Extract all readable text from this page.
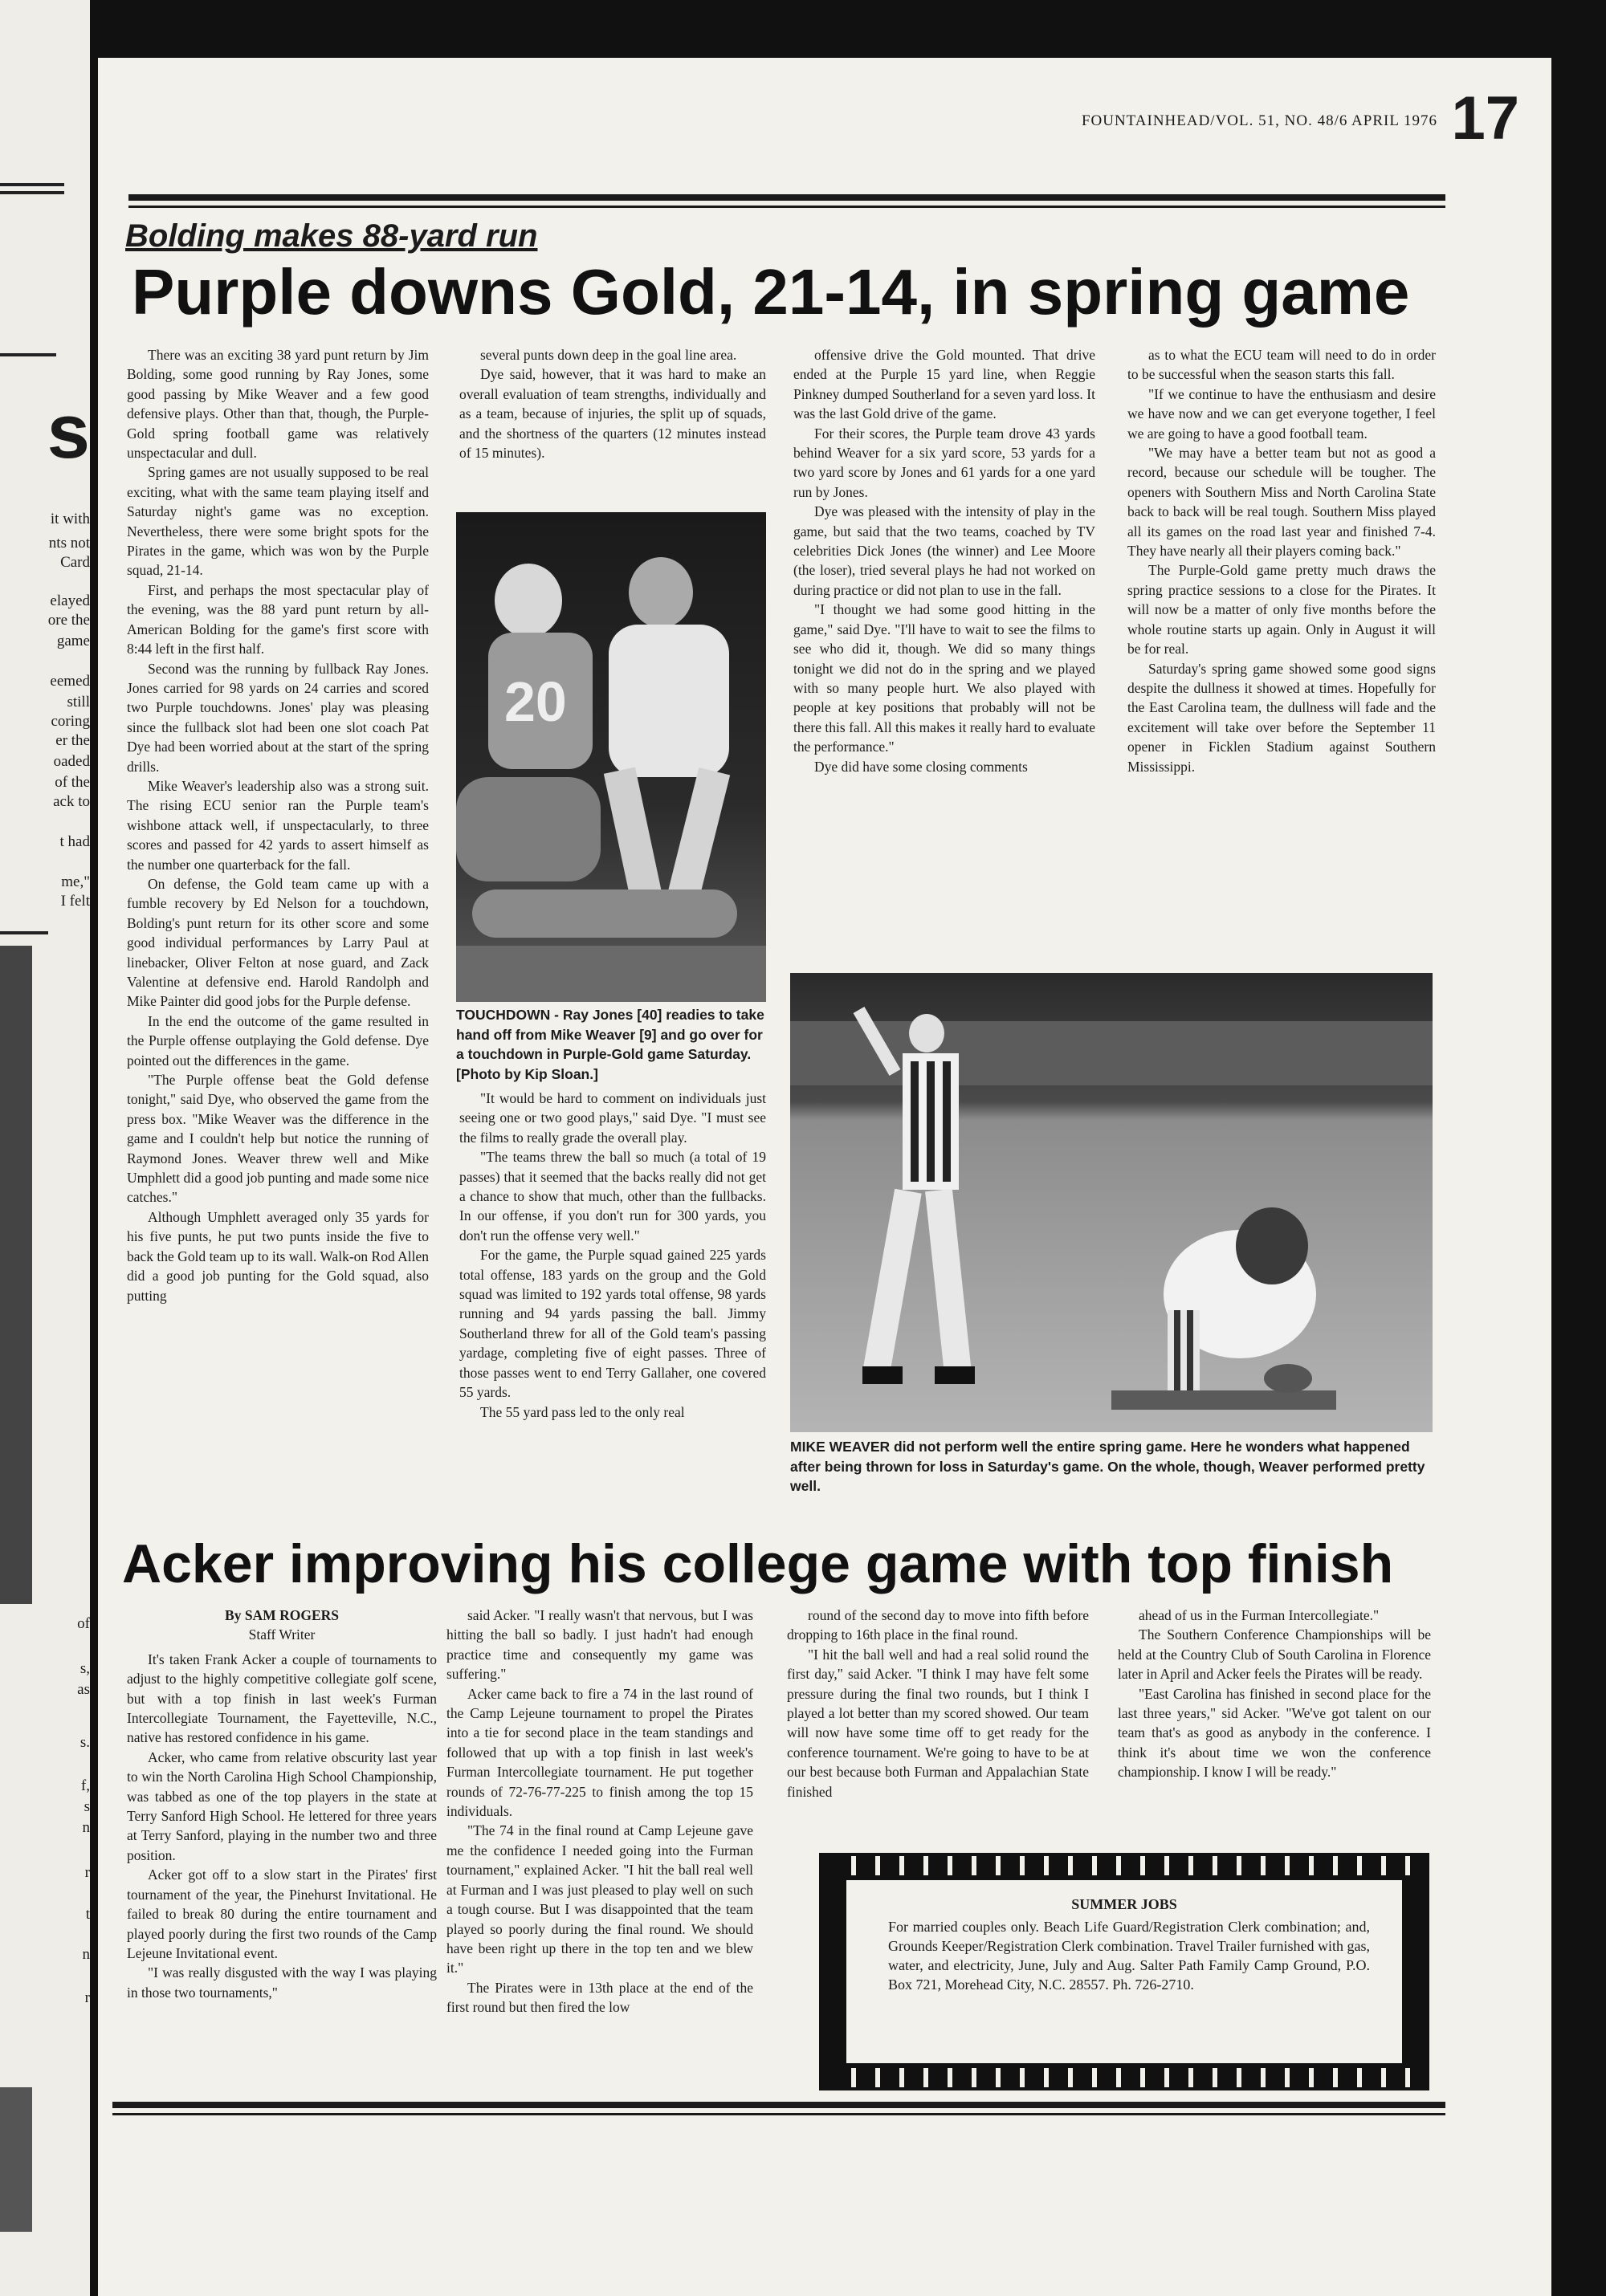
s
it with
nts not
Card
elayed
ore the
game
eemed
still
coring
er the
oaded
of the
ack to
t had
me,"
I felt
of
s,
as
s.
f,
s
n
r
t
n
r
FOUNTAINHEAD/VOL. 51, NO. 48/6 APRIL 1976 17
Bolding makes 88-yard run
Purple downs Gold, 21-14, in spring game

There was an exciting 38 yard punt return by Jim Bolding, some good running by Ray Jones, some good passing by Mike Weaver and a few good defensive plays. Other than that, though, the Purple-Gold spring football game was relatively unspectacular and dull.

Spring games are not usually supposed to be real exciting, what with the same team playing itself and Saturday night's game was no exception. Nevertheless, there were some bright spots for the Pirates in the game, which was won by the Purple squad, 21-14.

First, and perhaps the most spectacular play of the evening, was the 88 yard punt return by all-American Bolding for the game's first score with 8:44 left in the first half.

Second was the running by fullback Ray Jones. Jones carried for 98 yards on 24 carries and scored two Purple touchdowns. Jones' play was pleasing since the fullback slot had been one slot coach Pat Dye had been worried about at the start of the spring drills.

Mike Weaver's leadership also was a strong suit. The rising ECU senior ran the Purple team's wishbone attack well, if unspectacularly, to three scores and passed for 42 yards to assert himself as the number one quarterback for the fall.

On defense, the Gold team came up with a fumble recovery by Ed Nelson for a touchdown, Bolding's punt return for its other score and some good individual performances by Larry Paul at linebacker, Oliver Felton at nose guard, and Zack Valentine at defensive end. Harold Randolph and Mike Painter did good jobs for the Purple defense.

In the end the outcome of the game resulted in the Purple offense outplaying the Gold defense. Dye pointed out the differences in the game.

"The Purple offense beat the Gold defense tonight," said Dye, who observed the game from the press box. "Mike Weaver was the difference in the game and I couldn't help but notice the running of Raymond Jones. Weaver threw well and Mike Umphlett did a good job punting and made some nice catches."

Although Umphlett averaged only 35 yards for his five punts, he put two punts inside the five to back the Gold team up to its wall. Walk-on Rod Allen did a good job punting for the Gold squad, also putting

several punts down deep in the goal line area.

Dye said, however, that it was hard to make an overall evaluation of team strengths, individually and as a team, because of injuries, the split up of squads, and the shortness of the quarters (12 minutes instead of 15 minutes).

20
TOUCHDOWN - Ray Jones [40] readies to take hand off from Mike Weaver [9] and go over for a touchdown in Purple-Gold game Saturday. [Photo by Kip Sloan.]

"It would be hard to comment on individuals just seeing one or two good plays," said Dye. "I must see the films to really grade the overall play.

"The teams threw the ball so much (a total of 19 passes) that it seemed that the backs really did not get a chance to show that much, other than the fullbacks. In our offense, if you don't run for 300 yards, you don't run the offense very well."

For the game, the Purple squad gained 225 yards total offense, 183 yards on the group and the Gold squad was limited to 192 yards total offense, 98 yards running and 94 yards passing the ball. Jimmy Southerland threw for all of the Gold team's passing yardage, completing five of eight passes. Three of those passes went to end Terry Gallaher, one covered 55 yards.

The 55 yard pass led to the only real

offensive drive the Gold mounted. That drive ended at the Purple 15 yard line, when Reggie Pinkney dumped Southerland for a seven yard loss. It was the last Gold drive of the game.

For their scores, the Purple team drove 43 yards behind Weaver for a six yard score, 53 yards for a two yard score by Jones and 61 yards for a one yard run by Jones.

Dye was pleased with the intensity of play in the game, but said that the two teams, coached by TV celebrities Dick Jones (the winner) and Lee Moore (the loser), tried several plays he had not worked on during practice or did not plan to use in the fall.

"I thought we had some good hitting in the game," said Dye. "I'll have to wait to see the films to see who did it, though. We did so many things tonight we did not do in the spring and we played with so many people hurt. We also played with people at key positions that probably will not be there this fall. All this makes it really hard to evaluate the performance."

Dye did have some closing comments

as to what the ECU team will need to do in order to be successful when the season starts this fall.

"If we continue to have the enthusiasm and desire we have now and we can get everyone together, I feel we are going to have a good football team.

"We may have a better team but not as good a record, because our schedule will be tougher. The openers with Southern Miss and North Carolina State back to back will be real tough. Southern Miss played all its games on the road last year and finished 7-4. They have nearly all their players coming back."

The Purple-Gold game pretty much draws the spring practice sessions to a close for the Pirates. It will now be a matter of only five months before the whole routine starts up again. Only in August it will be for real.

Saturday's spring game showed some good signs despite the dullness it showed at times. Hopefully for the East Carolina team, the dullness will fade and the excitement will take over before the September 11 opener in Ficklen Stadium against Southern Mississippi.

MIKE WEAVER did not perform well the entire spring game. Here he wonders what happened after being thrown for loss in Saturday's game. On the whole, though, Weaver performed pretty well.
Acker improving his college game with top finish

By SAM ROGERS

Staff Writer

It's taken Frank Acker a couple of tournaments to adjust to the highly competitive collegiate golf scene, but with a top finish in last week's Furman Intercollegiate Tournament, the Fayetteville, N.C., native has restored confidence in his game.

Acker, who came from relative obscurity last year to win the North Carolina High School Championship, was tabbed as one of the top players in the state at Terry Sanford High School. He lettered for three years at Terry Sanford, playing in the number two and three position.

Acker got off to a slow start in the Pirates' first tournament of the year, the Pinehurst Invitational. He failed to break 80 during the entire tournament and played poorly during the first two rounds of the Camp Lejeune Invitational event.

"I was really disgusted with the way I was playing in those two tournaments,"

said Acker. "I really wasn't that nervous, but I was hitting the ball so badly. I just hadn't had enough practice time and consequently my game was suffering."

Acker came back to fire a 74 in the last round of the Camp Lejeune tournament to propel the Pirates into a tie for second place in the team standings and followed that up with a top finish in last week's Furman Intercollegiate tournament. He put together rounds of 72-76-77-225 to finish among the top 15 individuals.

"The 74 in the final round at Camp Lejeune gave me the confidence I needed going into the Furman tournament," explained Acker. "I hit the ball real well at Furman and I was just pleased to play well on such a tough course. But I was disappointed that the team played so poorly during the final round. We should have been right up there in the top ten and we blew it."

The Pirates were in 13th place at the end of the first round but then fired the low

round of the second day to move into fifth before dropping to 16th place in the final round.

"I hit the ball well and had a real solid round the first day," said Acker. "I think I may have felt some pressure during the final two rounds, but I think I played a lot better than my scored showed. Our team will now have some time off to get ready for the conference tournament. We're going to have to be at our best because both Furman and Appalachian State finished

ahead of us in the Furman Intercollegiate."

The Southern Conference Championships will be held at the Country Club of South Carolina in Florence later in April and Acker feels the Pirates will be ready.

"East Carolina has finished in second place for the last three years," sid Acker. "We've got talent on our team that's as good as anybody in the conference. I think it's about time we won the conference championship. I know I will be ready."

SUMMER JOBS
For married couples only. Beach Life Guard/Registration Clerk combination; and, Grounds Keeper/Registration Clerk combination. Travel Trailer furnished with gas, water, and electricity, June, July and Aug. Salter Path Family Camp Ground, P.O. Box 721, Morehead City, N.C. 28557. Ph. 726-2710.
